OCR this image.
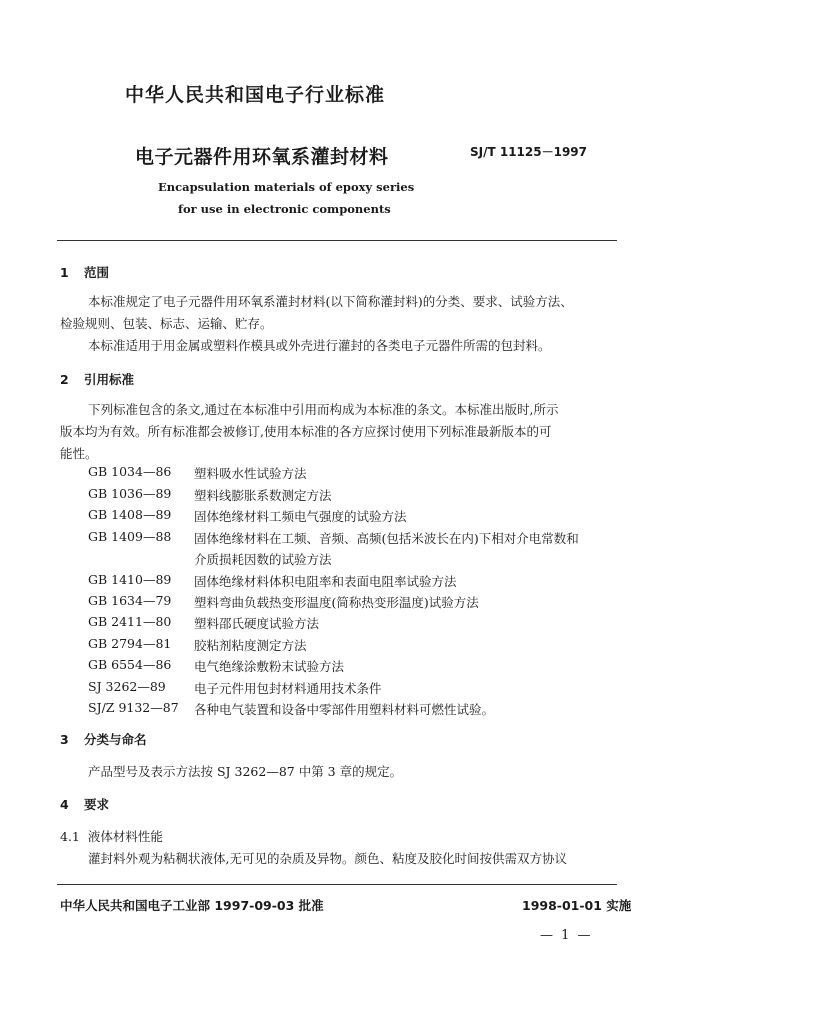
中华人民共和国电子行业标准
电子元器件用环氧系灌封材料	SJ/T 11125－1997
Encapsulation materials of epoxy series
for use in electronic components
1 范围
本标准规定了电子元器件用环氧系灌封材料(以下简称灌封料)的分类、要求、试验方法、
检验规则、包装、标志、运输、贮存。
本标准适用于用金属或塑料作模具或外壳进行灌封的各类电子元器件所需的包封料。
2 引用标准
下列标准包含的条文,通过在本标准中引用而构成为本标准的条文。本标准出版时,所示
版本均为有效。所有标准都会被修订,使用本标准的各方应探讨使用下列标准最新版本的可
能性。
GB 1034—86 塑料吸水性试验方法
GB 1036—89 塑料线膨胀系数测定方法
GB 1408—89 固体绝缘材料工频电气强度的试验方法
GB 1409—88 固体绝缘材料在工频、音频、高频(包括米波长在内)下相对介电常数和
介质损耗因数的试验方法
GB 1410—89 固体绝缘材料体积电阻率和表面电阻率试验方法
GB 1634—79 塑料弯曲负载热变形温度(简称热变形温度)试验方法
GB 2411—80 塑料邵氏硬度试验方法
GB 2794—81 胶粘剂粘度测定方法
GB 6554—86 电气绝缘涂敷粉末试验方法
SJ 3262—89 电子元件用包封材料通用技术条件
SJ/Z 9132—87 各种电气装置和设备中零部件用塑料材料可燃性试验。
3 分类与命名
产品型号及表示方法按 SJ 3262—87 中第 3 章的规定。
4 要求
4.1 液体材料性能
灌封料外观为粘稠状液体,无可见的杂质及异物。颜色、粘度及胶化时间按供需双方协议
中华人民共和国电子工业部 1997-09-03 批准	1998-01-01 实施
— 1 —
